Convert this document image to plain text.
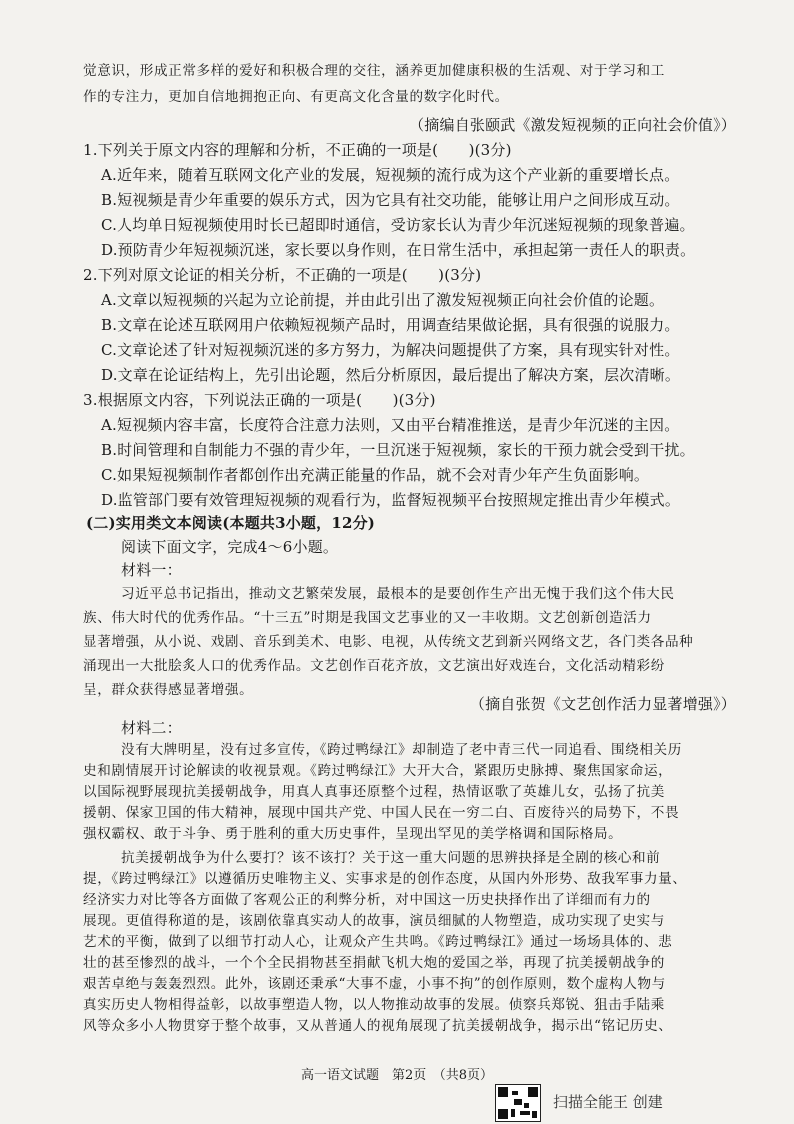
觉意识，形成正常多样的爱好和积极合理的交往，涵养更加健康积极的生活观、对于学习和工
作的专注力，更加自信地拥抱正向、有更高文化含量的数字化时代。
（摘编自张颐武《激发短视频的正向社会价值》）
1.下列关于原文内容的理解和分析，不正确的一项是(　　)(3分)
A.近年来，随着互联网文化产业的发展，短视频的流行成为这个产业新的重要增长点。
B.短视频是青少年重要的娱乐方式，因为它具有社交功能，能够让用户之间形成互动。
C.人均单日短视频使用时长已超即时通信，受访家长认为青少年沉迷短视频的现象普遍。
D.预防青少年短视频沉迷，家长要以身作则，在日常生活中，承担起第一责任人的职责。
2.下列对原文论证的相关分析，不正确的一项是(　　)(3分)
A.文章以短视频的兴起为立论前提，并由此引出了激发短视频正向社会价值的论题。
B.文章在论述互联网用户依赖短视频产品时，用调查结果做论据，具有很强的说服力。
C.文章论述了针对短视频沉迷的多方努力，为解决问题提供了方案，具有现实针对性。
D.文章在论证结构上，先引出论题，然后分析原因，最后提出了解决方案，层次清晰。
3.根据原文内容，下列说法正确的一项是(　　)(3分)
A.短视频内容丰富，长度符合注意力法则，又由平台精准推送，是青少年沉迷的主因。
B.时间管理和自制能力不强的青少年，一旦沉迷于短视频，家长的干预力就会受到干扰。
C.如果短视频制作者都创作出充满正能量的作品，就不会对青少年产生负面影响。
D.监管部门要有效管理短视频的观看行为，监督短视频平台按照规定推出青少年模式。
(二)实用类文本阅读(本题共3小题，12分)
阅读下面文字，完成4～6小题。
材料一：
习近平总书记指出，推动文艺繁荣发展，最根本的是要创作生产出无愧于我们这个伟大民
族、伟大时代的优秀作品。“十三五”时期是我国文艺事业的又一丰收期。文艺创新创造活力
显著增强，从小说、戏剧、音乐到美术、电影、电视，从传统文艺到新兴网络文艺，各门类各品种
涌现出一大批脍炙人口的优秀作品。文艺创作百花齐放，文艺演出好戏连台，文化活动精彩纷
呈，群众获得感显著增强。
（摘自张贺《文艺创作活力显著增强》）
材料二：
没有大牌明星，没有过多宣传，《跨过鸭绿江》却制造了老中青三代一同追看、围绕相关历
史和剧情展开讨论解读的收视景观。《跨过鸭绿江》大开大合，紧跟历史脉搏、聚焦国家命运，
以国际视野展现抗美援朝战争，用真人真事还原整个过程，热情讴歌了英雄儿女，弘扬了抗美
援朝、保家卫国的伟大精神，展现中国共产党、中国人民在一穷二白、百废待兴的局势下，不畏
强权霸权、敢于斗争、勇于胜利的重大历史事件，呈现出罕见的美学格调和国际格局。
抗美援朝战争为什么要打？该不该打？关于这一重大问题的思辨抉择是全剧的核心和前
提，《跨过鸭绿江》以遵循历史唯物主义、实事求是的创作态度，从国内外形势、敌我军事力量、
经济实力对比等各方面做了客观公正的利弊分析，对中国这一历史抉择作出了详细而有力的
展现。更值得称道的是，该剧依靠真实动人的故事，演员细腻的人物塑造，成功实现了史实与
艺术的平衡，做到了以细节打动人心，让观众产生共鸣。《跨过鸭绿江》通过一场场具体的、悲
壮的甚至惨烈的战斗，一个个全民捐物甚至捐献飞机大炮的爱国之举，再现了抗美援朝战争的
艰苦卓绝与轰轰烈烈。此外，该剧还秉承“大事不虚，小事不拘”的创作原则，数个虚构人物与
真实历史人物相得益彰，以故事塑造人物，以人物推动故事的发展。侦察兵郑锐、狙击手陆乘
风等众多小人物贯穿于整个故事，又从普通人的视角展现了抗美援朝战争，揭示出“铭记历史、
高一语文试题　第2页　（共8页）
扫描全能王 创建
